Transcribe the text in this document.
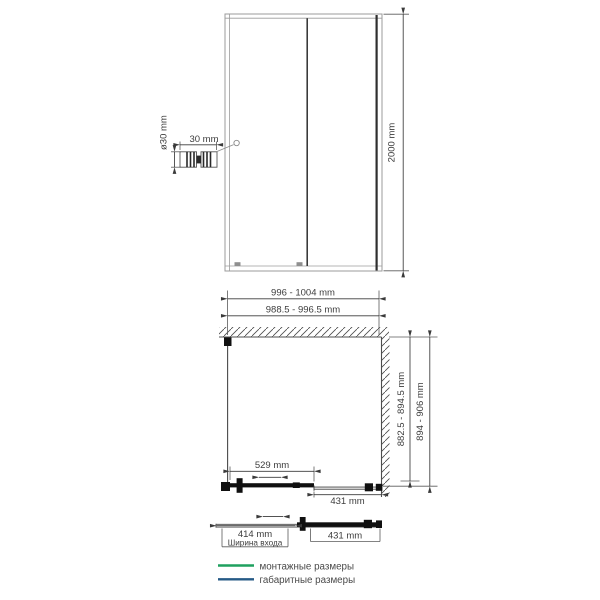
2000 mm
ø30 mm 30 mm
996 - 1004 mm
988.5 - 996.5 mm
882.5 - 894.5 mm 894 - 906 mm
529 mm
431 mm
414 mm
Ширина входа
431 mm
монтажные размеры
габаритные размеры
